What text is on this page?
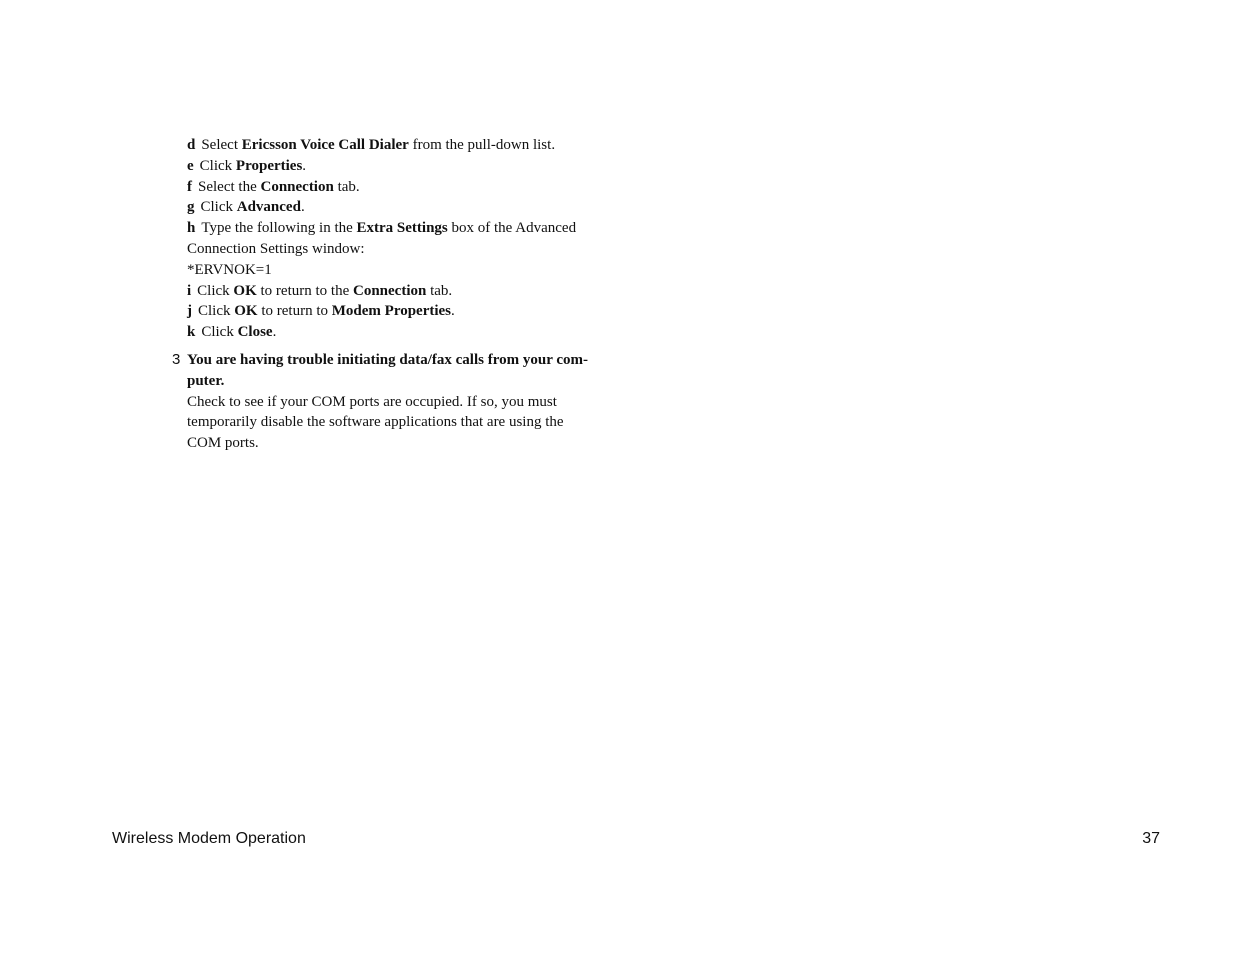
d Select Ericsson Voice Call Dialer from the pull-down list.
e Click Properties.
f Select the Connection tab.
g Click Advanced.
h Type the following in the Extra Settings box of the Advanced
Connection Settings window:
*ERVNOK=1
i Click OK to return to the Connection tab.
j Click OK to return to Modem Properties.
k Click Close.
3 You are having trouble initiating data/fax calls from your com-
puter.
Check to see if your COM ports are occupied. If so, you must
temporarily disable the software applications that are using the
COM ports.
Wireless Modem Operation	37
